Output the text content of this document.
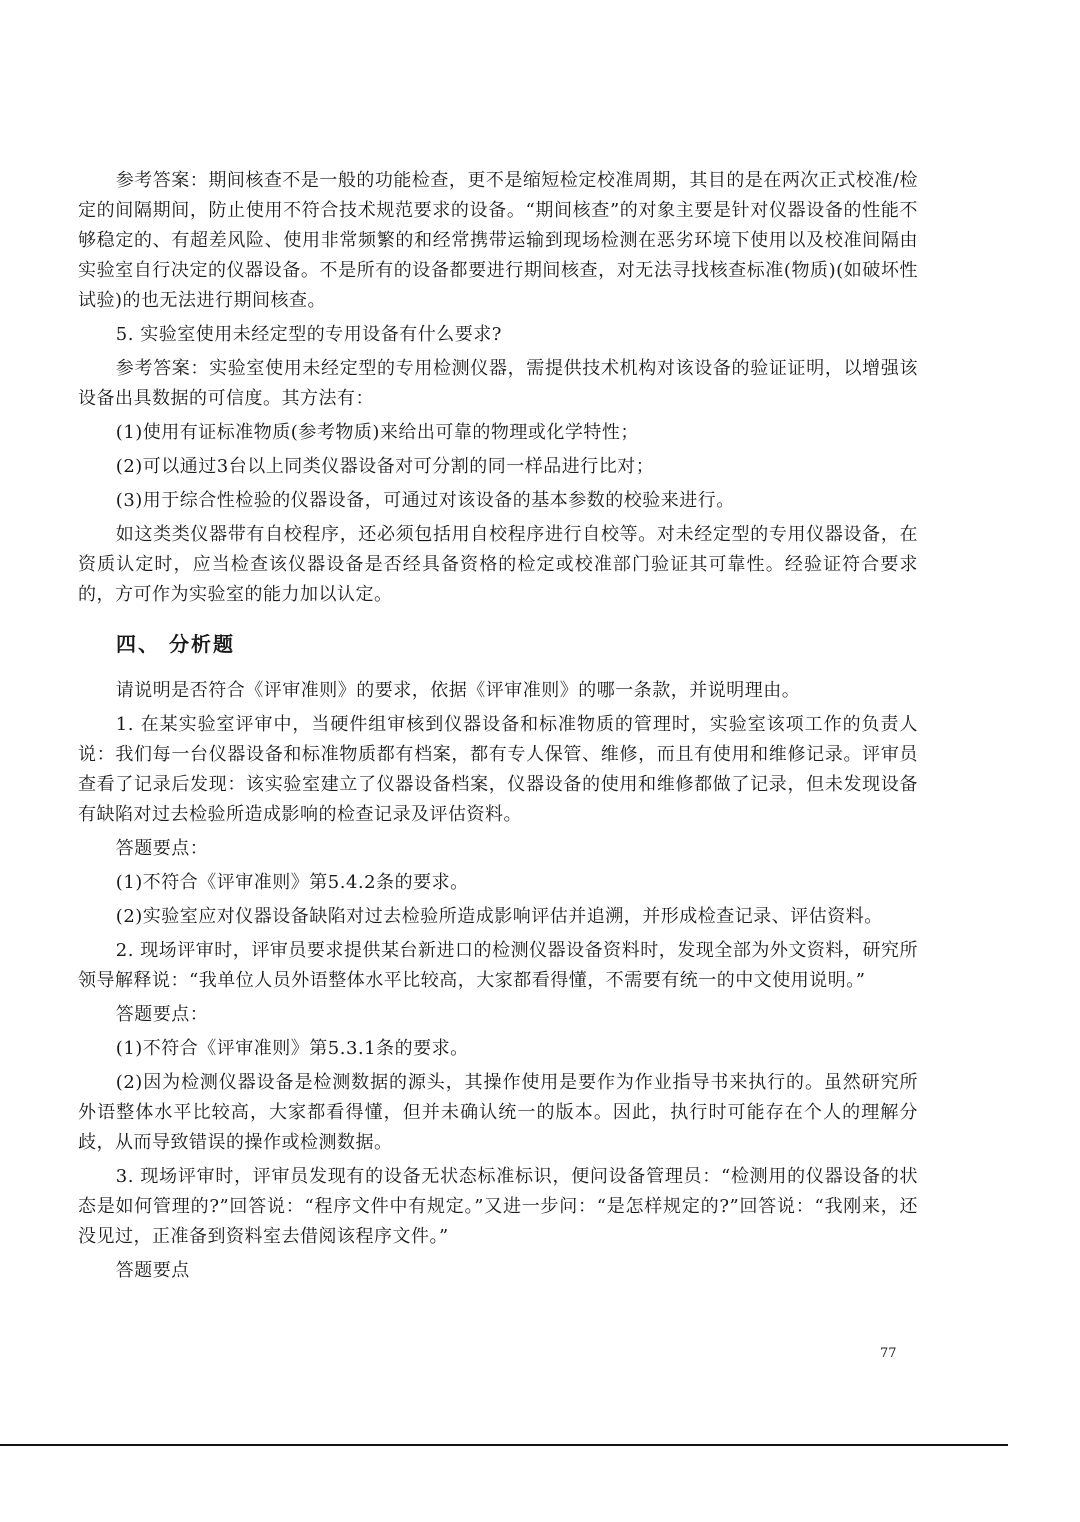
参考答案：期间核查不是一般的功能检查，更不是缩短检定校准周期，其目的是在两次正式校准/检定的间隔期间，防止使用不符合技术规范要求的设备。“期间核查”的对象主要是针对仪器设备的性能不够稳定的、有超差风险、使用非常频繁的和经常携带运输到现场检测在恶劣环境下使用以及校准间隔由实验室自行决定的仪器设备。不是所有的设备都要进行期间核查，对无法寻找核查标准(物质)(如破坏性试验)的也无法进行期间核查。

5. 实验室使用未经定型的专用设备有什么要求?

参考答案：实验室使用未经定型的专用检测仪器，需提供技术机构对该设备的验证证明，以增强该设备出具数据的可信度。其方法有：

(1)使用有证标准物质(参考物质)来给出可靠的物理或化学特性；

(2)可以通过3台以上同类仪器设备对可分割的同一样品进行比对；

(3)用于综合性检验的仪器设备，可通过对该设备的基本参数的校验来进行。

如这类类仪器带有自校程序，还必须包括用自校程序进行自校等。对未经定型的专用仪器设备，在资质认定时，应当检查该仪器设备是否经具备资格的检定或校准部门验证其可靠性。经验证符合要求的，方可作为实验室的能力加以认定。

四、 分析题

请说明是否符合《评审准则》的要求，依据《评审准则》的哪一条款，并说明理由。

1. 在某实验室评审中，当硬件组审核到仪器设备和标准物质的管理时，实验室该项工作的负责人说：我们每一台仪器设备和标准物质都有档案，都有专人保管、维修，而且有使用和维修记录。评审员查看了记录后发现：该实验室建立了仪器设备档案，仪器设备的使用和维修都做了记录，但未发现设备有缺陷对过去检验所造成影响的检查记录及评估资料。

答题要点：

(1)不符合《评审准则》第5.4.2条的要求。

(2)实验室应对仪器设备缺陷对过去检验所造成影响评估并追溯，并形成检查记录、评估资料。

2. 现场评审时，评审员要求提供某台新进口的检测仪器设备资料时，发现全部为外文资料，研究所领导解释说：“我单位人员外语整体水平比较高，大家都看得懂，不需要有统一的中文使用说明。”

答题要点：

(1)不符合《评审准则》第5.3.1条的要求。

(2)因为检测仪器设备是检测数据的源头，其操作使用是要作为作业指导书来执行的。虽然研究所外语整体水平比较高，大家都看得懂，但并未确认统一的版本。因此，执行时可能存在个人的理解分歧，从而导致错误的操作或检测数据。

3. 现场评审时，评审员发现有的设备无状态标准标识，便问设备管理员：“检测用的仪器设备的状态是如何管理的?”回答说：“程序文件中有规定。”又进一步问：“是怎样规定的?”回答说：“我刚来，还没见过，正准备到资料室去借阅该程序文件。”

答题要点

77
